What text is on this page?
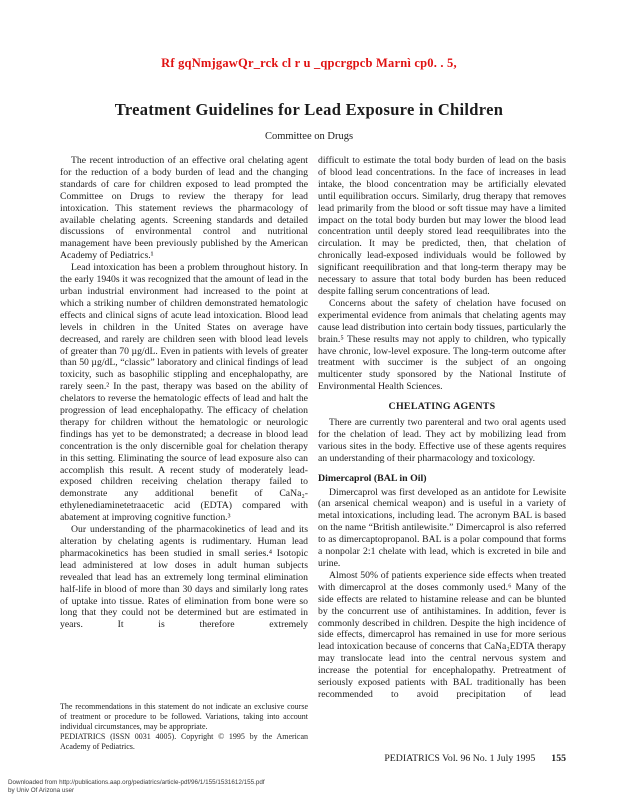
Rf gqNmjgawQr_rck cl r u _qpcrgpcb Marnì cp0. . 5,
Treatment Guidelines for Lead Exposure in Children
Committee on Drugs

The recent introduction of an effective oral chelating agent for the reduction of a body burden of lead and the changing standards of care for children exposed to lead prompted the Committee on Drugs to review the therapy for lead intoxication. This statement reviews the pharmacology of available chelating agents. Screening standards and detailed discussions of environmental control and nutritional management have been previously published by the American Academy of Pediatrics.¹

Lead intoxication has been a problem throughout history. In the early 1940s it was recognized that the amount of lead in the urban industrial environment had increased to the point at which a striking number of children demonstrated hematologic effects and clinical signs of acute lead intoxication. Blood lead levels in children in the United States on average have decreased, and rarely are children seen with blood lead levels of greater than 70 µg/dL. Even in patients with levels of greater than 50 µg/dL, “classic” laboratory and clinical findings of lead toxicity, such as basophilic stippling and encephalopathy, are rarely seen.² In the past, therapy was based on the ability of chelators to reverse the hematologic effects of lead and halt the progression of lead encephalopathy. The efficacy of chelation therapy for children without the hematologic or neurologic findings has yet to be demonstrated; a decrease in blood lead concentration is the only discernible goal for chelation therapy in this setting. Eliminating the source of lead exposure also can accomplish this result. A recent study of moderately lead-exposed children receiving chelation therapy failed to demonstrate any additional benefit of CaNa₂-ethylenediaminetetraacetic acid (EDTA) compared with abatement at improving cognitive function.³

Our understanding of the pharmacokinetics of lead and its alteration by chelating agents is rudimentary. Human lead pharmacokinetics has been studied in small series.⁴ Isotopic lead administered at low doses in adult human subjects revealed that lead has an extremely long terminal elimination half-life in blood of more than 30 days and similarly long rates of uptake into tissue. Rates of elimination from bone were so long that they could not be determined but are estimated in years. It is therefore extremely

difficult to estimate the total body burden of lead on the basis of blood lead concentrations. In the face of increases in lead intake, the blood concentration may be artificially elevated until equilibration occurs. Similarly, drug therapy that removes lead primarily from the blood or soft tissue may have a limited impact on the total body burden but may lower the blood lead concentration until deeply stored lead reequilibrates into the circulation. It may be predicted, then, that chelation of chronically lead-exposed individuals would be followed by significant reequilibration and that long-term therapy may be necessary to assure that total body burden has been reduced despite falling serum concentrations of lead.

Concerns about the safety of chelation have focused on experimental evidence from animals that chelating agents may cause lead distribution into certain body tissues, particularly the brain.⁵ These results may not apply to children, who typically have chronic, low-level exposure. The long-term outcome after treatment with succimer is the subject of an ongoing multicenter study sponsored by the National Institute of Environmental Health Sciences.

CHELATING AGENTS

There are currently two parenteral and two oral agents used for the chelation of lead. They act by mobilizing lead from various sites in the body. Effective use of these agents requires an understanding of their pharmacology and toxicology.

Dimercaprol (BAL in Oil)

Dimercaprol was first developed as an antidote for Lewisite (an arsenical chemical weapon) and is useful in a variety of metal intoxications, including lead. The acronym BAL is based on the name “British antilewisite.” Dimercaprol is also referred to as dimercaptopropanol. BAL is a polar compound that forms a nonpolar 2:1 chelate with lead, which is excreted in bile and urine.

Almost 50% of patients experience side effects when treated with dimercaprol at the doses commonly used.⁶ Many of the side effects are related to histamine release and can be blunted by the concurrent use of antihistamines. In addition, fever is commonly described in children. Despite the high incidence of side effects, dimercaprol has remained in use for more serious lead intoxication because of concerns that CaNa₂EDTA therapy may translocate lead into the central nervous system and increase the potential for encephalopathy. Pretreatment of seriously exposed patients with BAL traditionally has been recommended to avoid precipitation of lead

The recommendations in this statement do not indicate an exclusive course of treatment or procedure to be followed. Variations, taking into account individual circumstances, may be appropriate.

PEDIATRICS (ISSN 0031 4005). Copyright © 1995 by the American Academy of Pediatrics.

PEDIATRICS Vol. 96 No. 1 July 1995 155
Downloaded from http://publications.aap.org/pediatrics/article-pdf/96/1/155/1531612/155.pdf
by Univ Of Arizona user
